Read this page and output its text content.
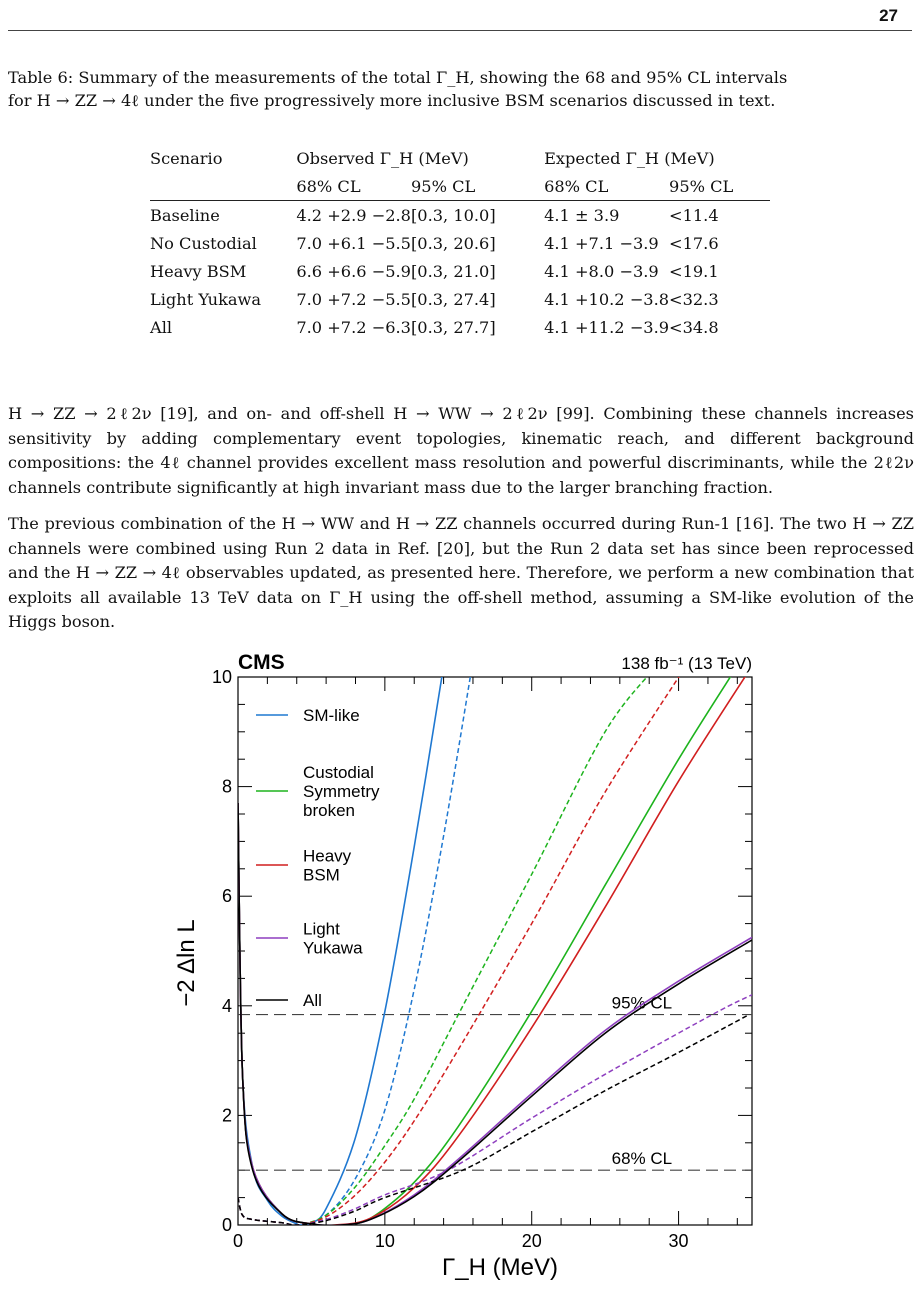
27

Table 6: Summary of the measurements of the total Γ_H, showing the 68 and 95% CL intervals

for H → ZZ → 4ℓ under the five progressively more inclusive BSM scenarios discussed in text.

Scenario	Observed Γ_H (MeV)		Expected Γ_H (MeV)	
	68% CL	95% CL	68% CL	95% CL

Baseline	4.2 +2.9 −2.8	[0.3, 10.0]	4.1 ± 3.9	<11.4
No Custodial	7.0 +6.1 −5.5	[0.3, 20.6]	4.1 +7.1 −3.9	<17.6
Heavy BSM	6.6 +6.6 −5.9	[0.3, 21.0]	4.1 +8.0 −3.9	<19.1
Light Yukawa	7.0 +7.2 −5.5	[0.3, 27.4]	4.1 +10.2 −3.8	<32.3
All	7.0 +7.2 −6.3	[0.3, 27.7]	4.1 +11.2 −3.9	<34.8

H → ZZ → 2ℓ2ν [19], and on- and off-shell H → WW → 2ℓ2ν [99]. Combining these channels increases sensitivity by adding complementary event topologies, kinematic reach, and different background compositions: the 4ℓ channel provides excellent mass resolution and powerful discriminants, while the 2ℓ2ν channels contribute significantly at high invariant mass due to the larger branching fraction.

The previous combination of the H → WW and H → ZZ channels occurred during Run-1 [16]. The two H → ZZ channels were combined using Run 2 data in Ref. [20], but the Run 2 data set has since been reprocessed and the H → ZZ → 4ℓ observables updated, as presented here. Therefore, we perform a new combination that exploits all available 13 TeV data on Γ_H using the off-shell method, assuming a SM-like evolution of the Higgs boson.

0	10	20	30
0
2
4
6
8
10
95% CL
68% CL
SM-like
Custodial Symmetry broken
Heavy BSM
Light Yukawa
All
CMS	138 fb⁻¹ (13 TeV)
Γ_H (MeV)
−2 Δln L
